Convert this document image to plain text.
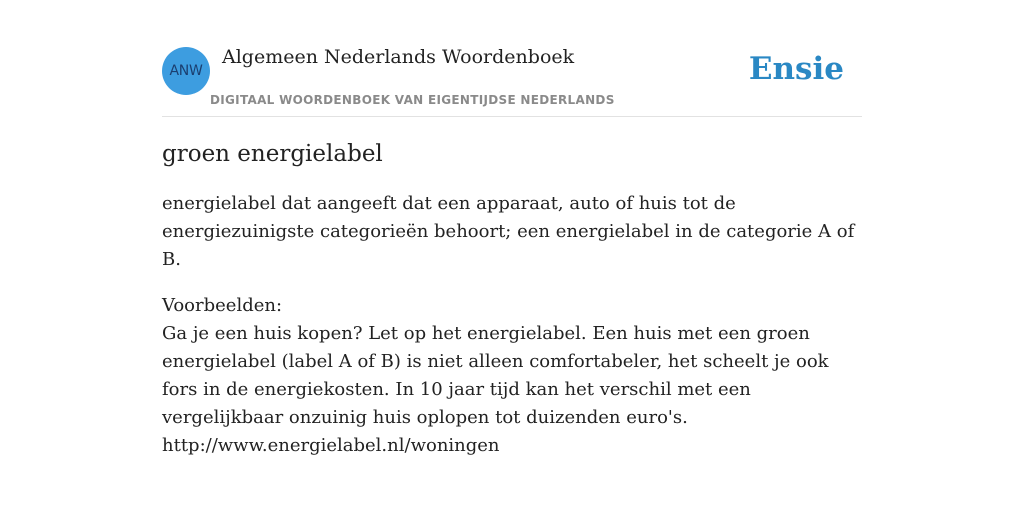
ANW
Algemeen Nederlands Woordenboek
DIGITAAL WOORDENBOEK VAN EIGENTIJDSE NEDERLANDS
Ensie
groen energielabel

energielabel dat aangeeft dat een apparaat, auto of huis tot de energiezuinigste categorieën behoort; een energielabel in de categorie A of B.

Voorbeelden:
Ga je een huis kopen? Let op het energielabel. Een huis met een groen energielabel (label A of B) is niet alleen comfortabeler, het scheelt je ook fors in de energiekosten. In 10 jaar tijd kan het verschil met een vergelijkbaar onzuinig huis oplopen tot duizenden euro's.
http://www.energielabel.nl/woningen
